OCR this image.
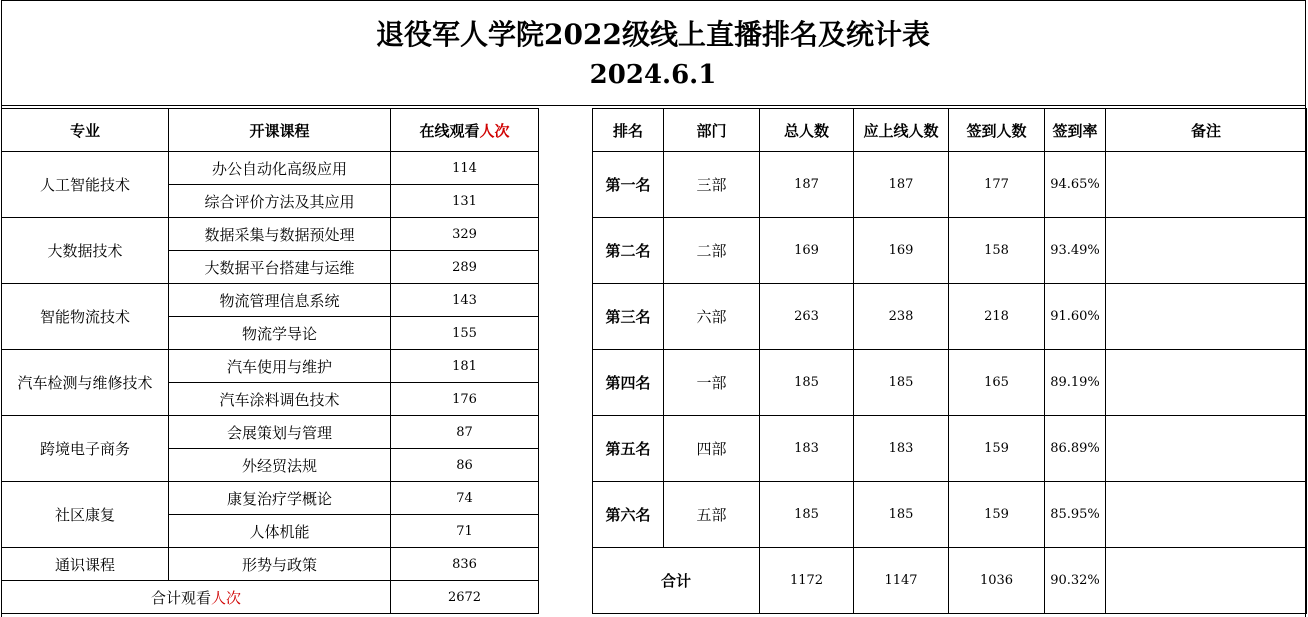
退役军人学院2022级线上直播排名及统计表
2024.6.1
专业	开课课程	在线观看人次
人工智能技术	办公自动化高级应用	114
	综合评价方法及其应用	131
大数据技术	数据采集与数据预处理	329
	大数据平台搭建与运维	289
智能物流技术	物流管理信息系统	143
	物流学导论	155
汽车检测与维修技术	汽车使用与维护	181
	汽车涂料调色技术	176
跨境电子商务	会展策划与管理	87
	外经贸法规	86
社区康复	康复治疗学概论	74
	人体机能	71
通识课程	形势与政策	836
合计观看人次		2672
排名	部门	总人数	应上线人数	签到人数	签到率	备注
第一名	三部	187	187	177	94.65%	
第二名	二部	169	169	158	93.49%	
第三名	六部	263	238	218	91.60%	
第四名	一部	185	185	165	89.19%	
第五名	四部	183	183	159	86.89%	
第六名	五部	185	185	159	85.95%	
合计		1172	1147	1036	90.32%	
